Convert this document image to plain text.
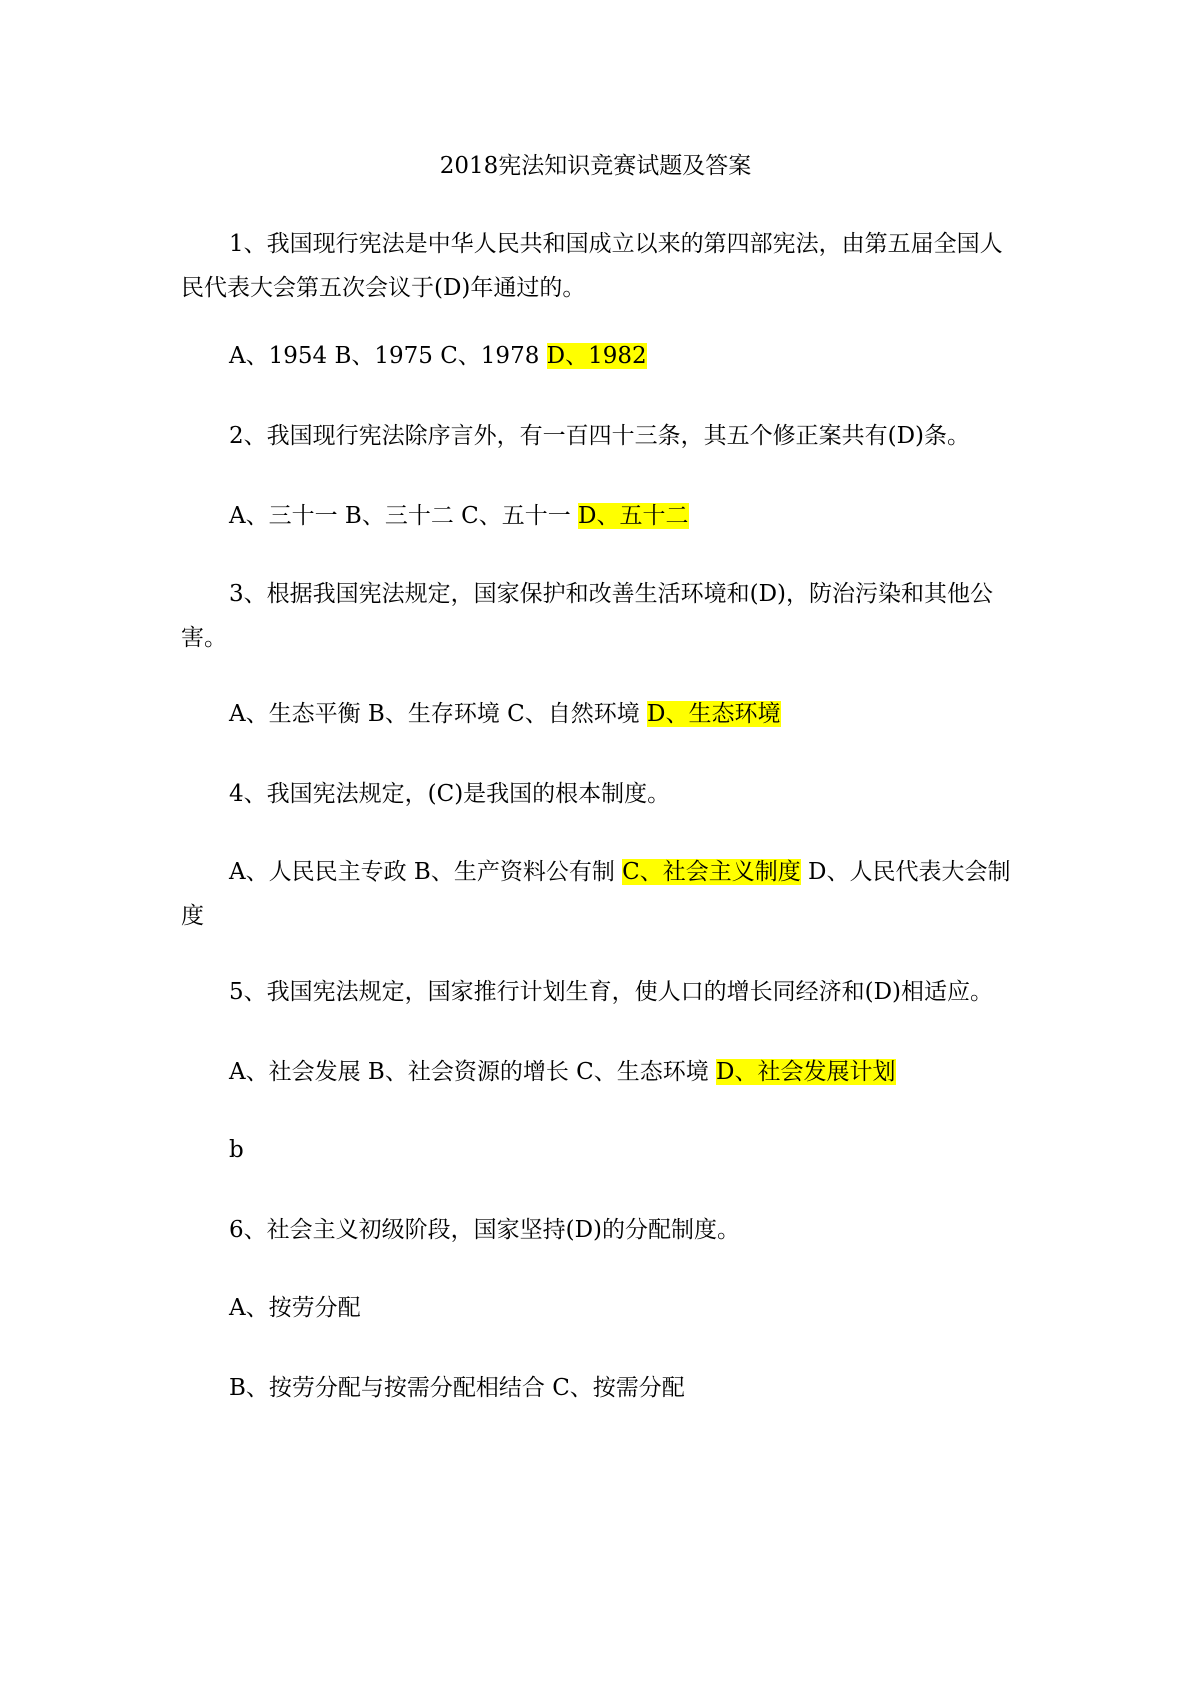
2018宪法知识竞赛试题及答案
1、我国现行宪法是中华人民共和国成立以来的第四部宪法，由第五届全国人民代表大会第五次会议于(D)年通过的。
A、1954 B、1975 C、1978 D、1982
2、我国现行宪法除序言外，有一百四十三条，其五个修正案共有(D)条。
A、三十一 B、三十二 C、五十一 D、五十二
3、根据我国宪法规定，国家保护和改善生活环境和(D)，防治污染和其他公害。
A、生态平衡 B、生存环境 C、自然环境 D、生态环境
4、我国宪法规定，(C)是我国的根本制度。
A、人民民主专政 B、生产资料公有制 C、社会主义制度 D、人民代表大会制度
5、我国宪法规定，国家推行计划生育，使人口的增长同经济和(D)相适应。
A、社会发展 B、社会资源的增长 C、生态环境 D、社会发展计划
b
6、社会主义初级阶段，国家坚持(D)的分配制度。
A、按劳分配
B、按劳分配与按需分配相结合 C、按需分配
